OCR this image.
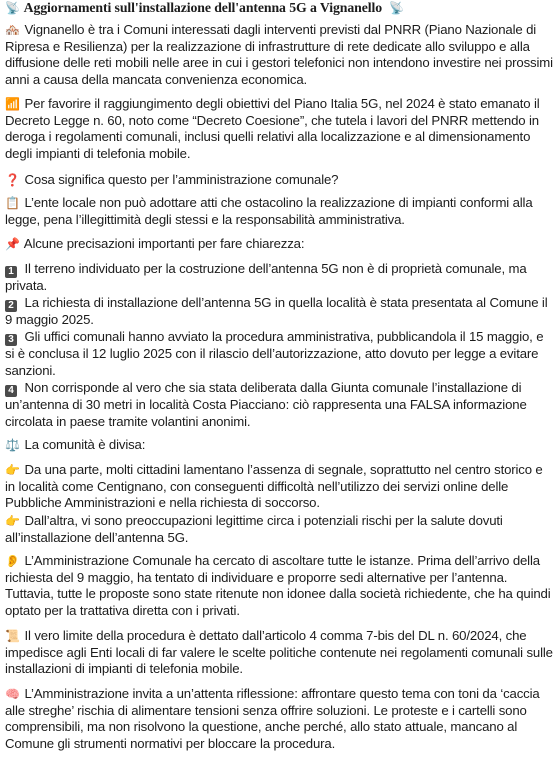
📡 Aggiornamenti sull'installazione dell'antenna 5G a Vignanello 📡
🏘️ Vignanello è tra i Comuni interessati dagli interventi previsti dal PNRR (Piano Nazionale di Ripresa e Resilienza) per la realizzazione di infrastrutture di rete dedicate allo sviluppo e alla diffusione delle reti mobili nelle aree in cui i gestori telefonici non intendono investire nei prossimi anni a causa della mancata convenienza economica.
📶 Per favorire il raggiungimento degli obiettivi del Piano Italia 5G, nel 2024 è stato emanato il Decreto Legge n. 60, noto come “Decreto Coesione”, che tutela i lavori del PNRR mettendo in deroga i regolamenti comunali, inclusi quelli relativi alla localizzazione e al dimensionamento degli impianti di telefonia mobile.
❓ Cosa significa questo per l’amministrazione comunale?
📋 L’ente locale non può adottare atti che ostacolino la realizzazione di impianti conformi alla legge, pena l’illegittimità degli stessi e la responsabilità amministrativa.
📌 Alcune precisazioni importanti per fare chiarezza:
1 Il terreno individuato per la costruzione dell’antenna 5G non è di proprietà comunale, ma privata.
2 La richiesta di installazione dell’antenna 5G in quella località è stata presentata al Comune il 9 maggio 2025.
3 Gli uffici comunali hanno avviato la procedura amministrativa, pubblicandola il 15 maggio, e si è conclusa il 12 luglio 2025 con il rilascio dell’autorizzazione, atto dovuto per legge a evitare sanzioni.
4 Non corrisponde al vero che sia stata deliberata dalla Giunta comunale l’installazione di un’antenna di 30 metri in località Costa Piacciano: ciò rappresenta una FALSA informazione circolata in paese tramite volantini anonimi.
⚖️ La comunità è divisa:
👉 Da una parte, molti cittadini lamentano l’assenza di segnale, soprattutto nel centro storico e in località come Centignano, con conseguenti difficoltà nell’utilizzo dei servizi online delle Pubbliche Amministrazioni e nella richiesta di soccorso.
👉 Dall’altra, vi sono preoccupazioni legittime circa i potenziali rischi per la salute dovuti all’installazione dell’antenna 5G.
👂 L’Amministrazione Comunale ha cercato di ascoltare tutte le istanze. Prima dell’arrivo della richiesta del 9 maggio, ha tentato di individuare e proporre sedi alternative per l’antenna. Tuttavia, tutte le proposte sono state ritenute non idonee dalla società richiedente, che ha quindi optato per la trattativa diretta con i privati.
📜 Il vero limite della procedura è dettato dall’articolo 4 comma 7-bis del DL n. 60/2024, che impedisce agli Enti locali di far valere le scelte politiche contenute nei regolamenti comunali sulle installazioni di impianti di telefonia mobile.
🧠 L’Amministrazione invita a un’attenta riflessione: affrontare questo tema con toni da ‘caccia alle streghe’ rischia di alimentare tensioni senza offrire soluzioni. Le proteste e i cartelli sono comprensibili, ma non risolvono la questione, anche perché, allo stato attuale, mancano al Comune gli strumenti normativi per bloccare la procedura.
